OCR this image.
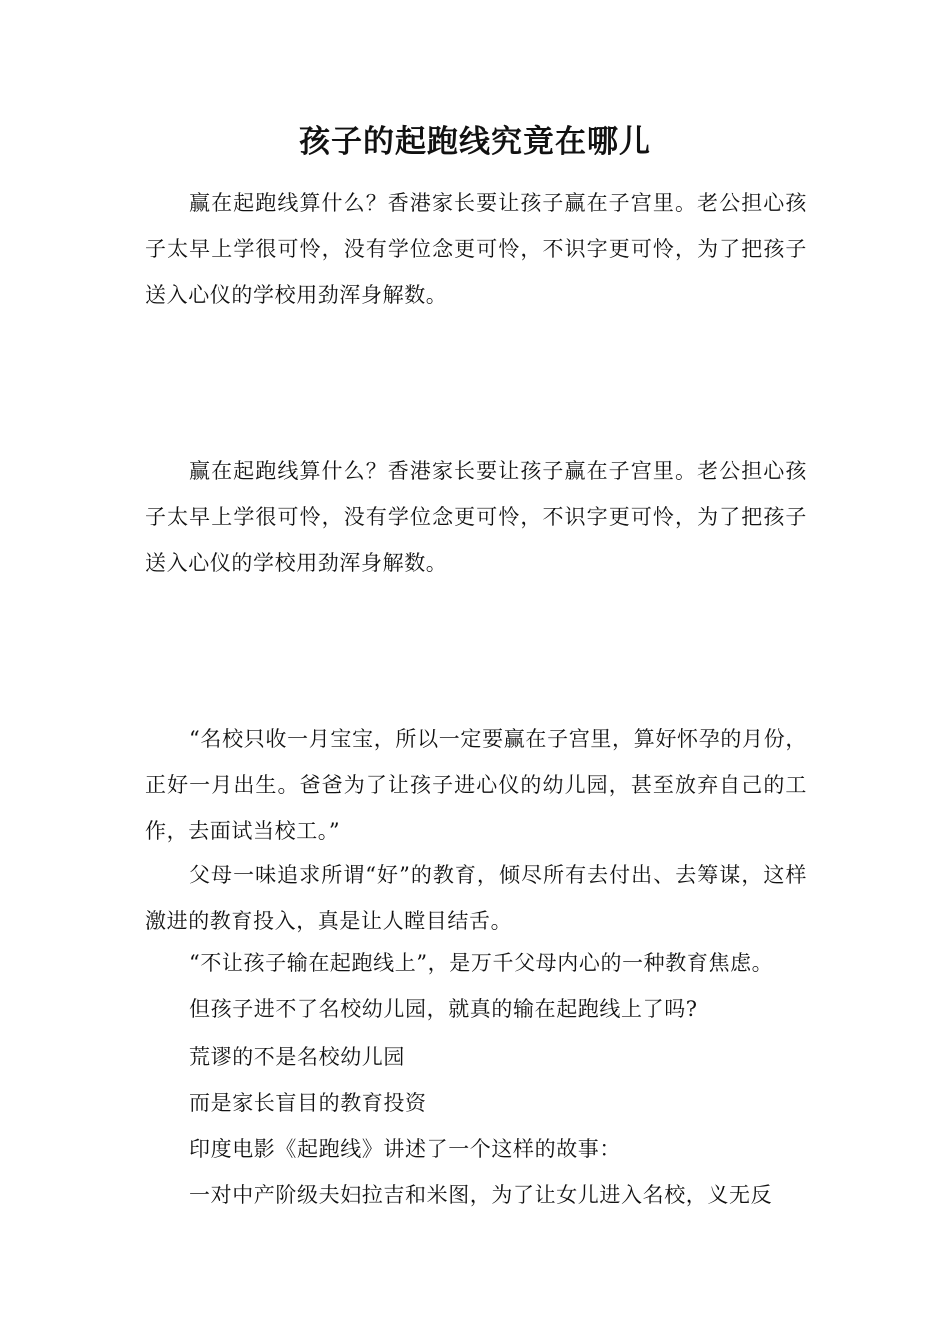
孩子的起跑线究竟在哪儿

赢在起跑线算什么？香港家长要让孩子赢在子宫里。老公担心孩子太早上学很可怜，没有学位念更可怜，不识字更可怜，为了把孩子送入心仪的学校用劲浑身解数。

赢在起跑线算什么？香港家长要让孩子赢在子宫里。老公担心孩子太早上学很可怜，没有学位念更可怜，不识字更可怜，为了把孩子送入心仪的学校用劲浑身解数。

“名校只收一月宝宝，所以一定要赢在子宫里，算好怀孕的月份，正好一月出生。爸爸为了让孩子进心仪的幼儿园，甚至放弃自己的工作，去面试当校工。”

父母一味追求所谓“好”的教育，倾尽所有去付出、去筹谋，这样激进的教育投入，真是让人瞠目结舌。

“不让孩子输在起跑线上”，是万千父母内心的一种教育焦虑。

但孩子进不了名校幼儿园，就真的输在起跑线上了吗?

荒谬的不是名校幼儿园

而是家长盲目的教育投资

印度电影《起跑线》讲述了一个这样的故事：

一对中产阶级夫妇拉吉和米图，为了让女儿进入名校，义无反
